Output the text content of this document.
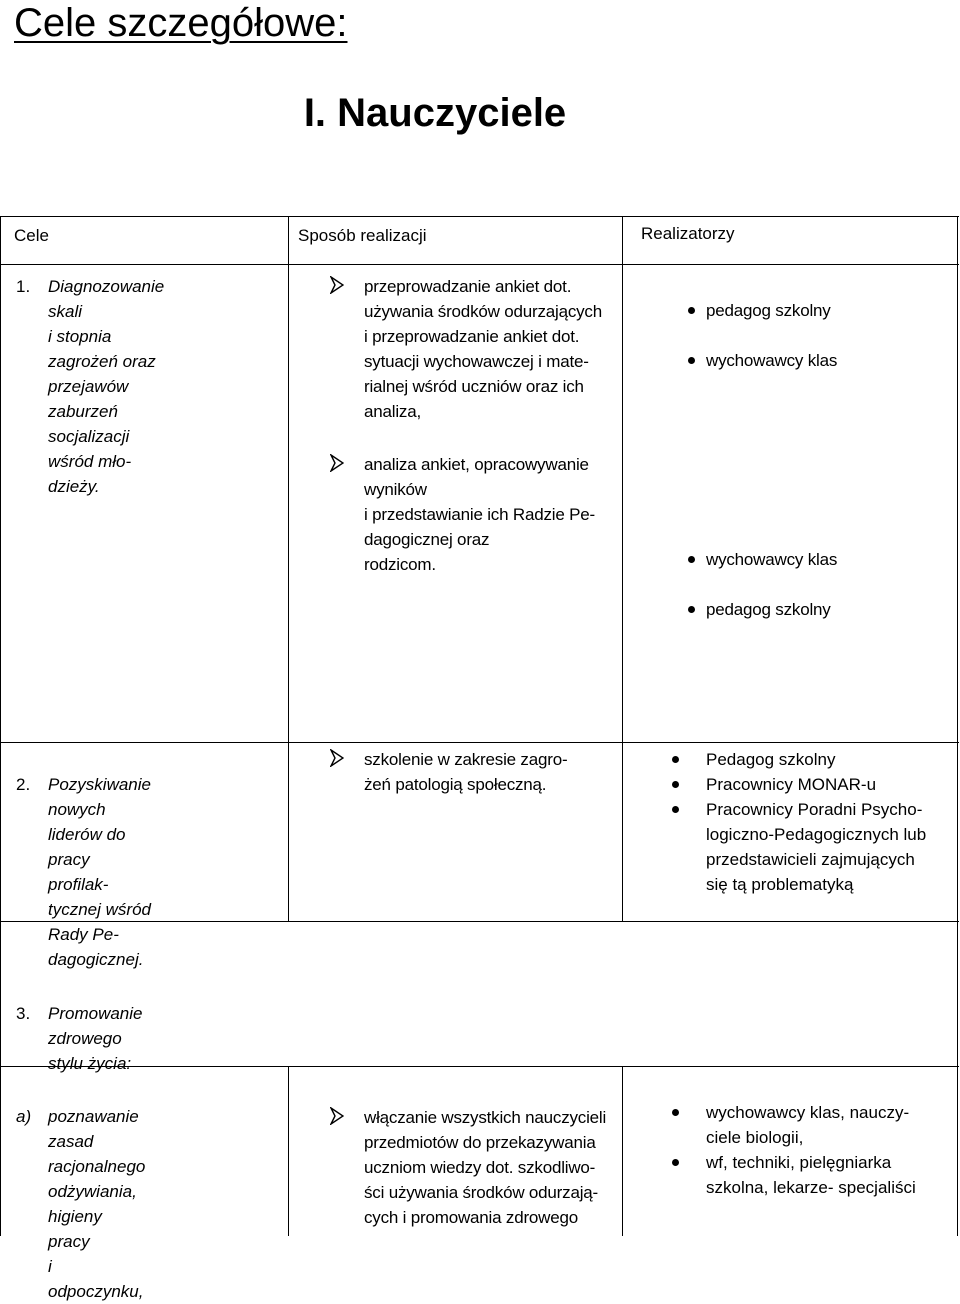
Cele szczegółowe:
I. Nauczyciele
Cele	Sposób realizacji	Realizatorzy
1. Diagnozowanie skali
i stopnia zagrożeń oraz
przejawów zaburzeń
socjalizacji wśród mło-
dzieży.
przeprowadzanie ankiet dot.
używania środków odurzających
i przeprowadzanie ankiet dot.
sytuacji wychowawczej i mate-
rialnej wśród uczniów oraz ich
analiza,
analiza ankiet, opracowywanie
wyników
i przedstawianie ich Radzie Pe-
dagogicznej oraz
rodzicom.
pedagog szkolny
wychowawcy klas
wychowawcy klas
pedagog szkolny
2. Pozyskiwanie nowych
liderów do pracy profilak-
tycznej wśród Rady Pe-
dagogicznej.
szkolenie w zakresie zagro-
żeń patologią społeczną.
Pedagog szkolny
Pracownicy MONAR-u
Pracownicy Poradni Psycho-
logiczno-Pedagogicznych lub
przedstawicieli zajmujących
się tą problematyką
3. Promowanie zdrowego
stylu życia:
a) poznawanie zasad
racjonalnego
odżywiania,
higieny pracy
i odpoczynku,
włączanie wszystkich nauczycieli
przedmiotów do przekazywania
uczniom wiedzy dot. szkodliwo-
ści używania środków odurzają-
cych i promowania zdrowego
wychowawcy klas, nauczy-
ciele biologii,
wf, techniki, pielęgniarka
szkolna, lekarze- specjaliści
